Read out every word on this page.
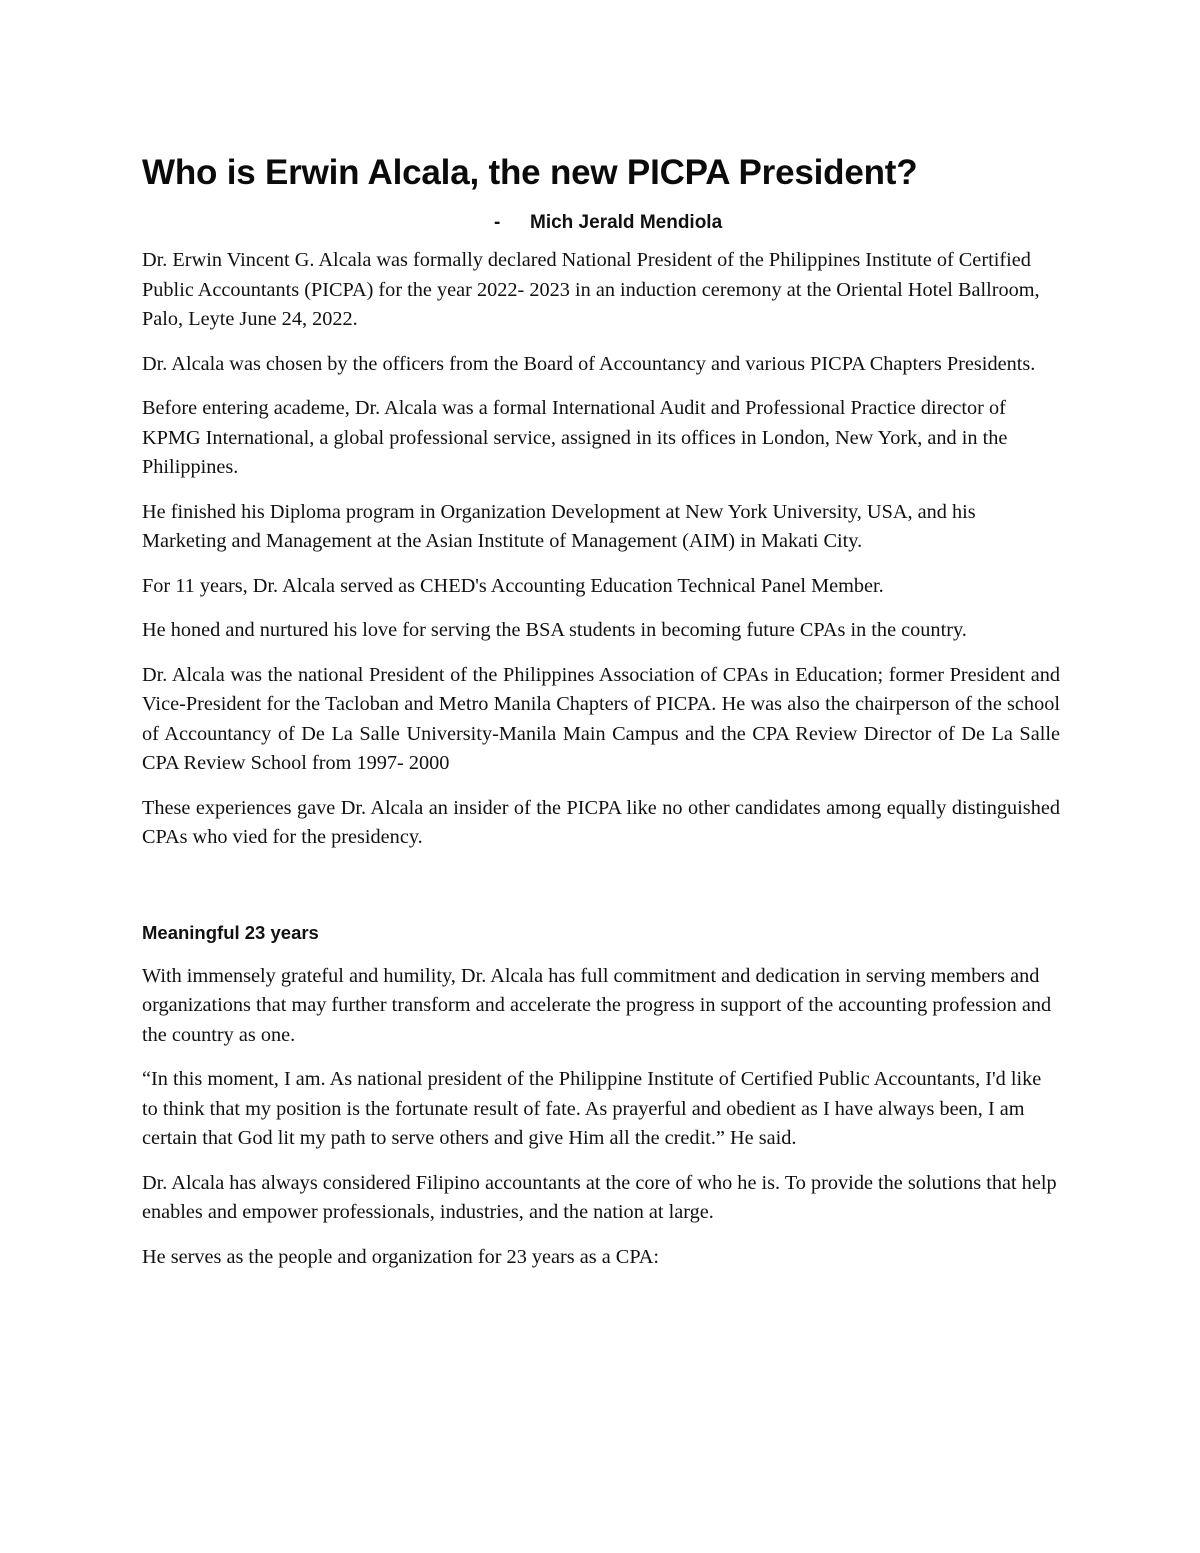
Who is Erwin Alcala, the new PICPA President?
-	Mich Jerald Mendiola

Dr. Erwin Vincent G. Alcala was formally declared National President of the Philippines Institute of Certified Public Accountants (PICPA) for the year 2022- 2023 in an induction ceremony at the Oriental Hotel Ballroom, Palo, Leyte June 24, 2022.

Dr. Alcala was chosen by the officers from the Board of Accountancy and various PICPA Chapters Presidents.

Before entering academe, Dr. Alcala was a formal International Audit and Professional Practice director of KPMG International, a global professional service, assigned in its offices in London, New York, and in the Philippines.

He finished his Diploma program in Organization Development at New York University, USA, and his Marketing and Management at the Asian Institute of Management (AIM) in Makati City.

For 11 years, Dr. Alcala served as CHED's Accounting Education Technical Panel Member.

He honed and nurtured his love for serving the BSA students in becoming future CPAs in the country.

Dr. Alcala was the national President of the Philippines Association of CPAs in Education; former President and Vice-President for the Tacloban and Metro Manila Chapters of PICPA. He was also the chairperson of the school of Accountancy of De La Salle University-Manila Main Campus and the CPA Review Director of De La Salle CPA Review School from 1997- 2000

These experiences gave Dr. Alcala an insider of the PICPA like no other candidates among equally distinguished CPAs who vied for the presidency.

Meaningful 23 years

With immensely grateful and humility, Dr. Alcala has full commitment and dedication in serving members and organizations that may further transform and accelerate the progress in support of the accounting profession and the country as one.

“In this moment, I am. As national president of the Philippine Institute of Certified Public Accountants, I'd like to think that my position is the fortunate result of fate. As prayerful and obedient as I have always been, I am certain that God lit my path to serve others and give Him all the credit.” He said.

Dr. Alcala has always considered Filipino accountants at the core of who he is. To provide the solutions that help enables and empower professionals, industries, and the nation at large.

He serves as the people and organization for 23 years as a CPA:
